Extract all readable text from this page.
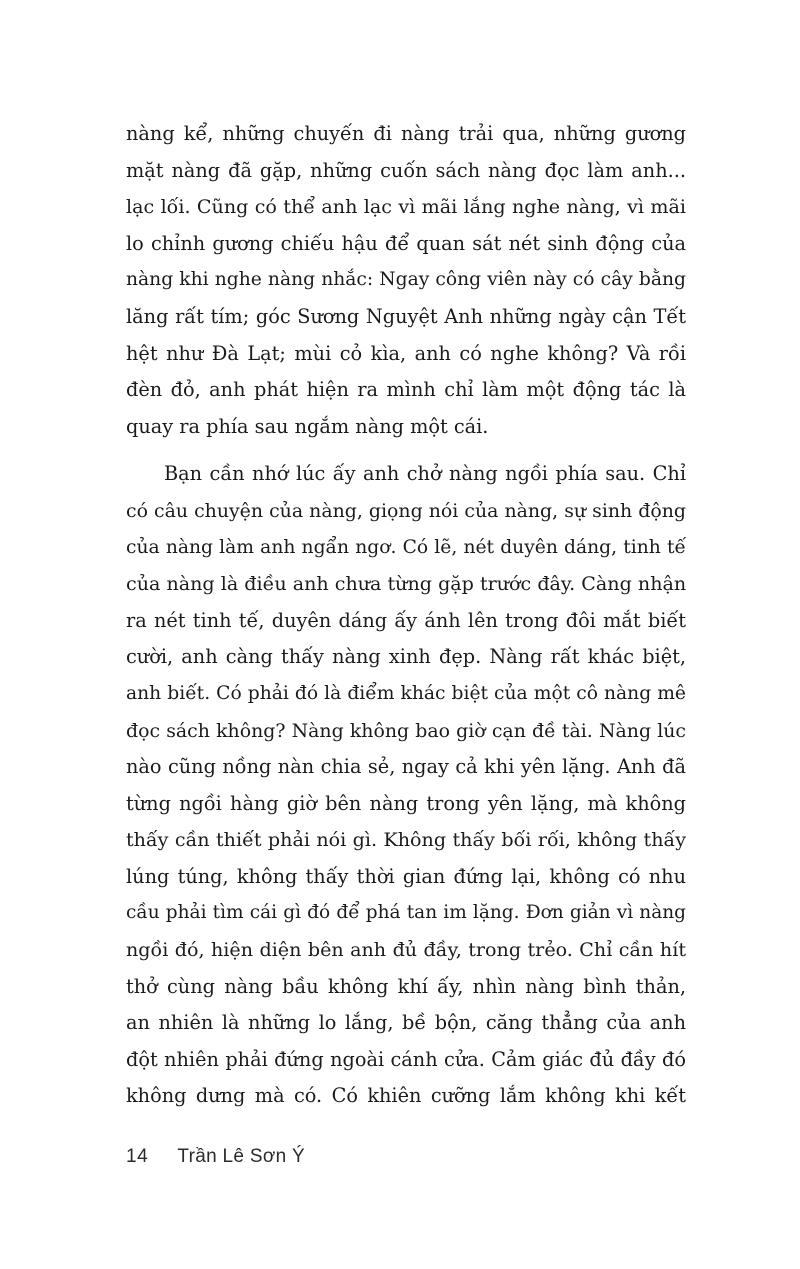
nàng kể, những chuyến đi nàng trải qua, những gương
mặt nàng đã gặp, những cuốn sách nàng đọc làm anh...
lạc lối. Cũng có thể anh lạc vì mãi lắng nghe nàng, vì mãi
lo chỉnh gương chiếu hậu để quan sát nét sinh động của
nàng khi nghe nàng nhắc: Ngay công viên này có cây bằng
lăng rất tím; góc Sương Nguyệt Anh những ngày cận Tết
hệt như Đà Lạt; mùi cỏ kìa, anh có nghe không? Và rồi
đèn đỏ, anh phát hiện ra mình chỉ làm một động tác là
quay ra phía sau ngắm nàng một cái.
Bạn cần nhớ lúc ấy anh chở nàng ngồi phía sau. Chỉ
có câu chuyện của nàng, giọng nói của nàng, sự sinh động
của nàng làm anh ngẩn ngơ. Có lẽ, nét duyên dáng, tinh tế
của nàng là điều anh chưa từng gặp trước đây. Càng nhận
ra nét tinh tế, duyên dáng ấy ánh lên trong đôi mắt biết
cười, anh càng thấy nàng xinh đẹp. Nàng rất khác biệt,
anh biết. Có phải đó là điểm khác biệt của một cô nàng mê
đọc sách không? Nàng không bao giờ cạn đề tài. Nàng lúc
nào cũng nồng nàn chia sẻ, ngay cả khi yên lặng. Anh đã
từng ngồi hàng giờ bên nàng trong yên lặng, mà không
thấy cần thiết phải nói gì. Không thấy bối rối, không thấy
lúng túng, không thấy thời gian đứng lại, không có nhu
cầu phải tìm cái gì đó để phá tan im lặng. Đơn giản vì nàng
ngồi đó, hiện diện bên anh đủ đầy, trong trẻo. Chỉ cần hít
thở cùng nàng bầu không khí ấy, nhìn nàng bình thản,
an nhiên là những lo lắng, bề bộn, căng thẳng của anh
đột nhiên phải đứng ngoài cánh cửa. Cảm giác đủ đầy đó
không dưng mà có. Có khiên cưỡng lắm không khi kết
14 Trần Lê Sơn Ý
